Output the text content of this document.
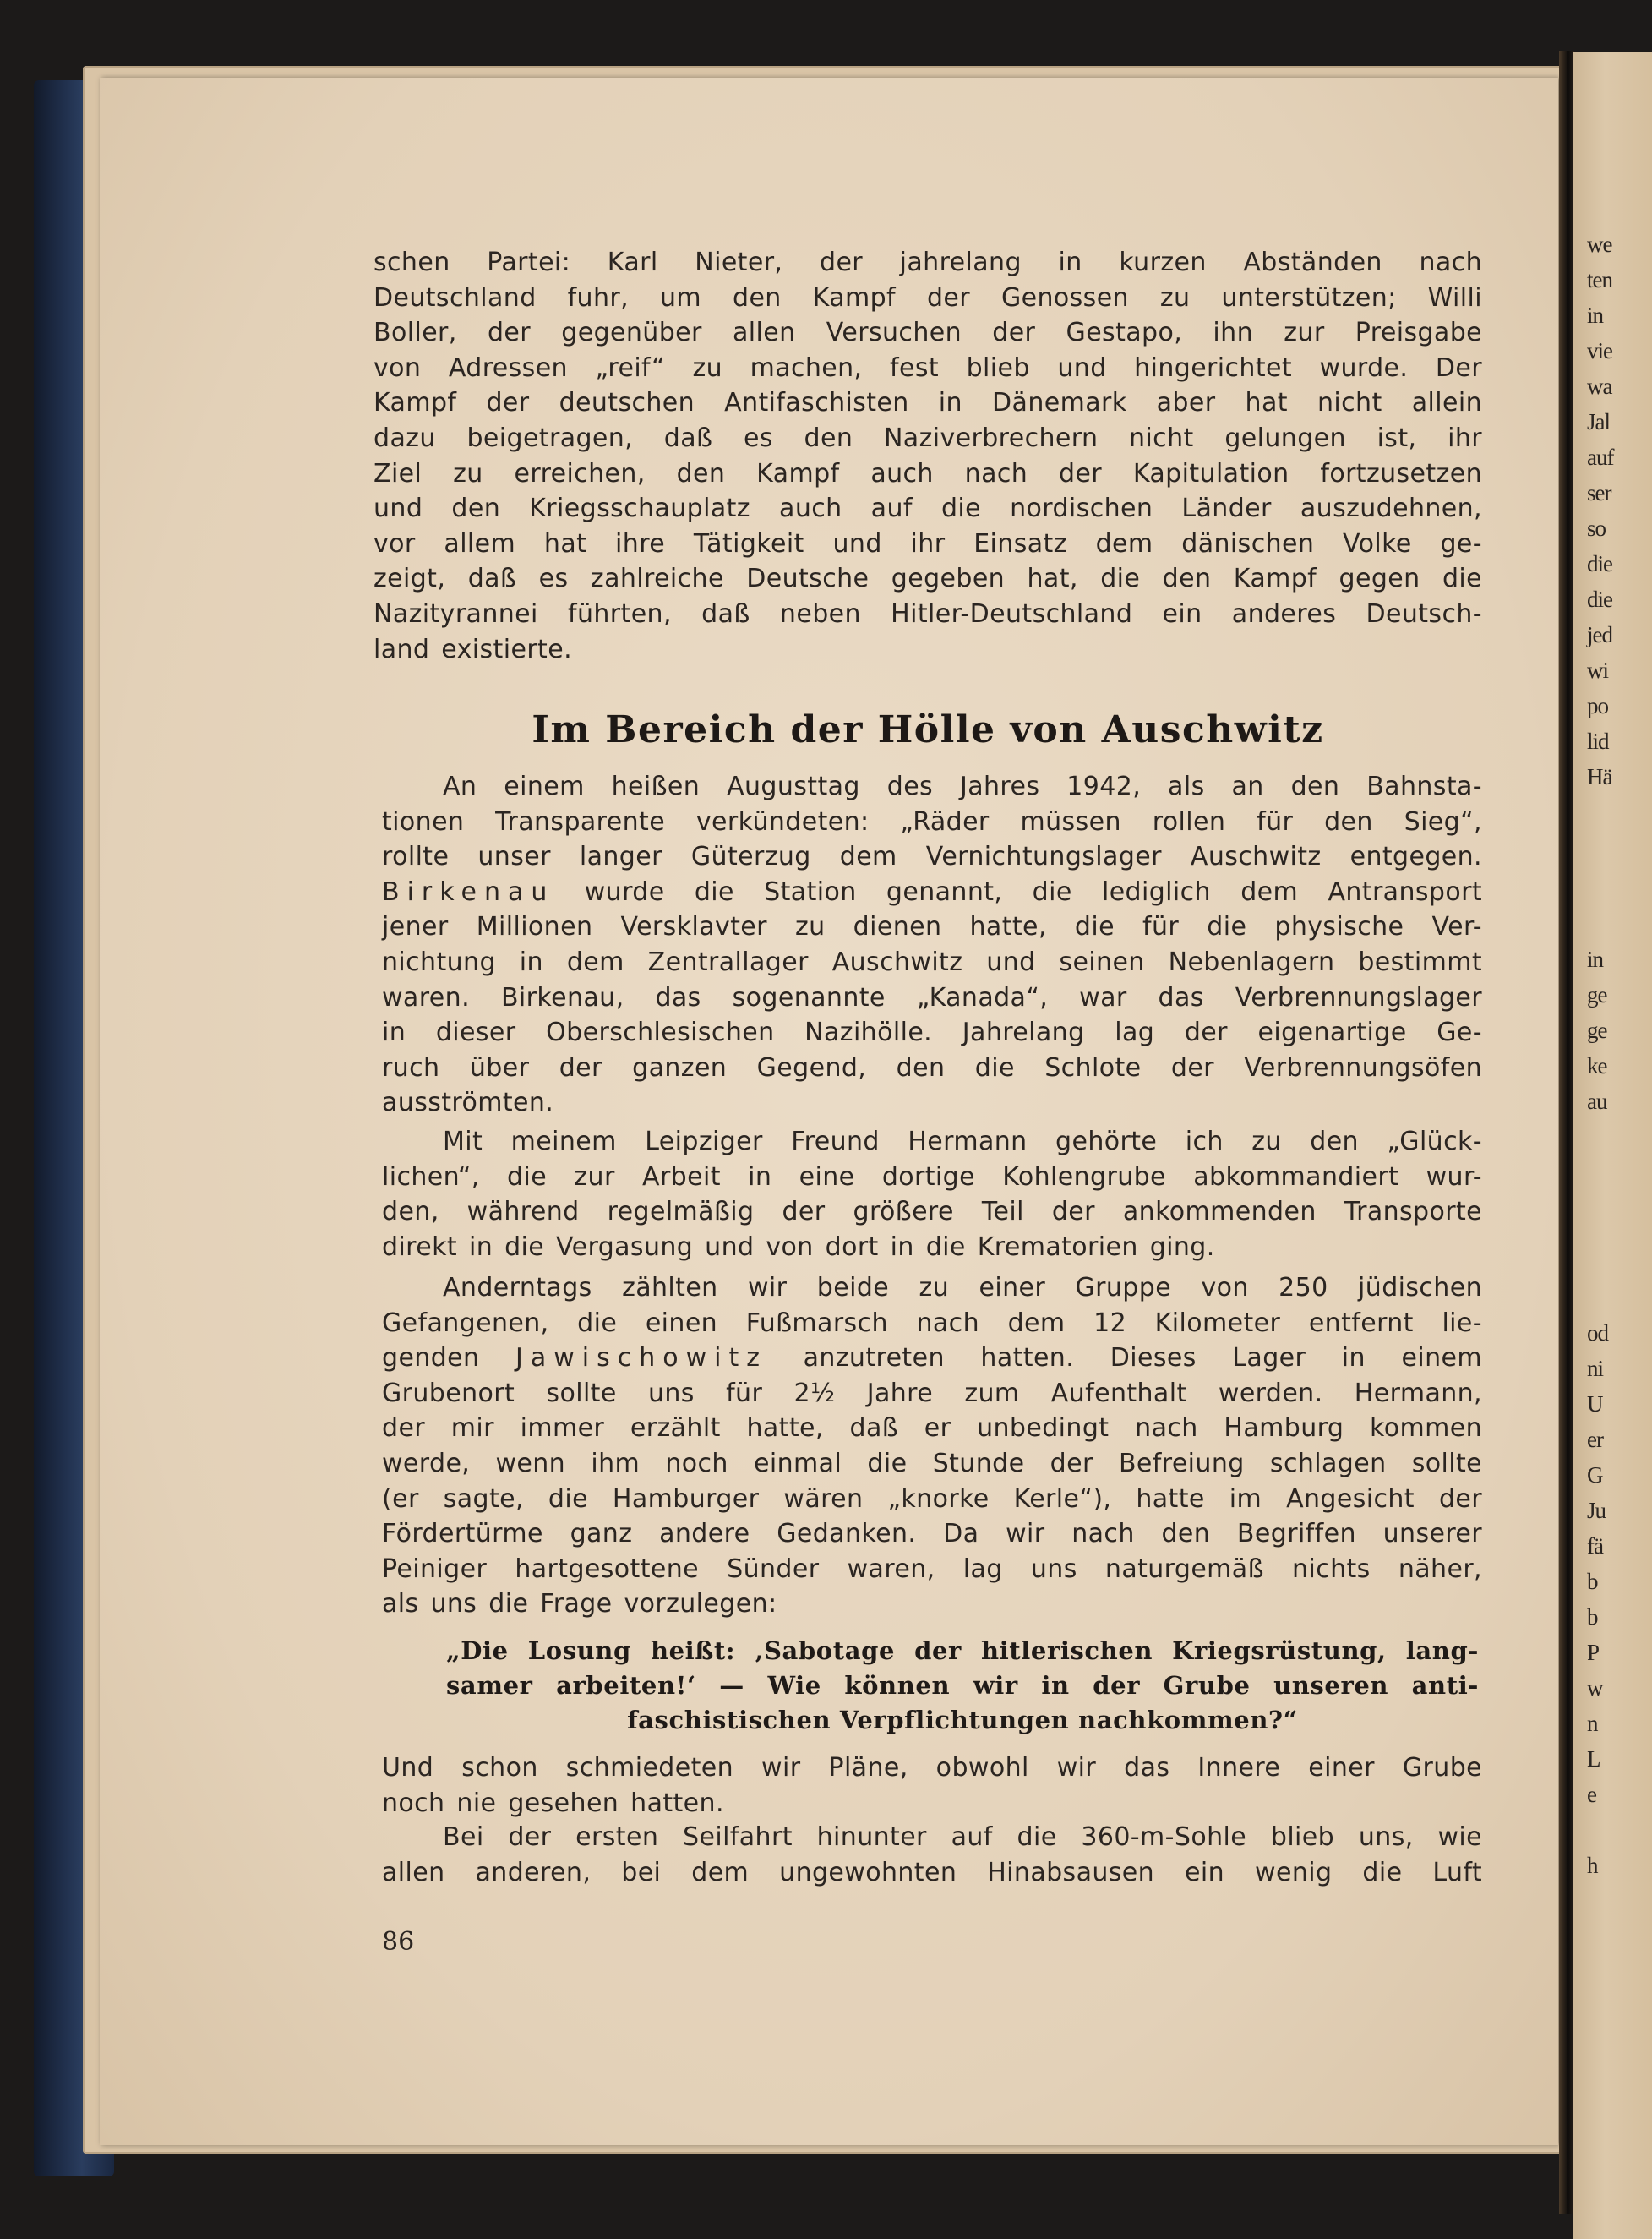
schen Partei: Karl Nieter, der jahrelang in kurzen Abständen nach
Deutschland fuhr, um den Kampf der Genossen zu unterstützen; Willi
Boller, der gegenüber allen Versuchen der Gestapo, ihn zur Preisgabe
von Adressen „reif“ zu machen, fest blieb und hingerichtet wurde. Der
Kampf der deutschen Antifaschisten in Dänemark aber hat nicht allein
dazu beigetragen, daß es den Naziverbrechern nicht gelungen ist, ihr
Ziel zu erreichen, den Kampf auch nach der Kapitulation fortzusetzen
und den Kriegsschauplatz auch auf die nordischen Länder auszudehnen,
vor allem hat ihre Tätigkeit und ihr Einsatz dem dänischen Volke ge-
zeigt, daß es zahlreiche Deutsche gegeben hat, die den Kampf gegen die
Nazityrannei führten, daß neben Hitler-Deutschland ein anderes Deutsch-
land existierte.
Im Bereich der Hölle von Auschwitz
An einem heißen Augusttag des Jahres 1942, als an den Bahnsta-
tionen Transparente verkündeten: „Räder müssen rollen für den Sieg“,
rollte unser langer Güterzug dem Vernichtungslager Auschwitz entgegen.
Birkenau wurde die Station genannt, die lediglich dem Antransport
jener Millionen Versklavter zu dienen hatte, die für die physische Ver-
nichtung in dem Zentrallager Auschwitz und seinen Nebenlagern bestimmt
waren. Birkenau, das sogenannte „Kanada“, war das Verbrennungslager
in dieser Oberschlesischen Nazihölle. Jahrelang lag der eigenartige Ge-
ruch über der ganzen Gegend, den die Schlote der Verbrennungsöfen
ausströmten.
Mit meinem Leipziger Freund Hermann gehörte ich zu den „Glück-
lichen“, die zur Arbeit in eine dortige Kohlengrube abkommandiert wur-
den, während regelmäßig der größere Teil der ankommenden Transporte
direkt in die Vergasung und von dort in die Krematorien ging.
Anderntags zählten wir beide zu einer Gruppe von 250 jüdischen
Gefangenen, die einen Fußmarsch nach dem 12 Kilometer entfernt lie-
genden Jawischowitz anzutreten hatten. Dieses Lager in einem
Grubenort sollte uns für 2½ Jahre zum Aufenthalt werden. Hermann,
der mir immer erzählt hatte, daß er unbedingt nach Hamburg kommen
werde, wenn ihm noch einmal die Stunde der Befreiung schlagen sollte
(er sagte, die Hamburger wären „knorke Kerle“), hatte im Angesicht der
Fördertürme ganz andere Gedanken. Da wir nach den Begriffen unserer
Peiniger hartgesottene Sünder waren, lag uns naturgemäß nichts näher,
als uns die Frage vorzulegen:
„Die Losung heißt: ‚Sabotage der hitlerischen Kriegsrüstung, lang-
samer arbeiten!‘ — Wie können wir in der Grube unseren anti-
faschistischen Verpflichtungen nachkommen?“
Und schon schmiedeten wir Pläne, obwohl wir das Innere einer Grube
noch nie gesehen hatten.
Bei der ersten Seilfahrt hinunter auf die 360-m-Sohle blieb uns, wie
allen anderen, bei dem ungewohnten Hinabsausen ein wenig die Luft
86
we
ten
in
vie
wa
Jal
auf
ser
so
die
die
jed
wi
po
lid
Hä
in
ge
ge
ke
au
od
ni
U
er
G
Ju
fä
b
b
P
w
n
L
e
h
